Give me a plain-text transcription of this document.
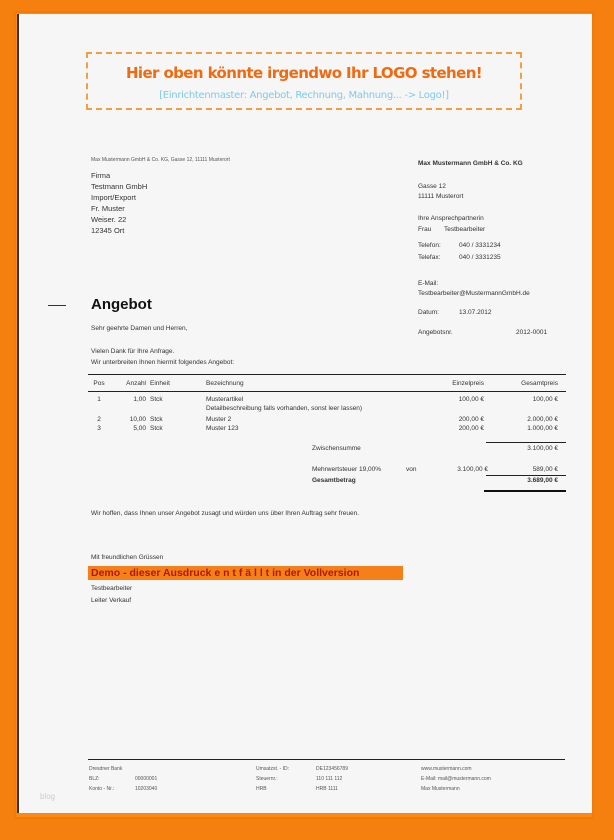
Hier oben könnte irgendwo Ihr LOGO stehen!
[Einrichtenmaster: Angebot, Rechnung, Mahnung... -> Logo!]
Max Mustermann GmbH & Co. KG, Gasse 12, 11111 Musterort
Firma
Testmann GmbH
Import/Export
Fr. Muster
Weiser. 22
12345 Ort
Max Mustermann GmbH & Co. KG
Gasse 12
11111 Musterort
Ihre Ansprechpartnerin
Frau Testbearbeiter
Telefon:	040 / 3331234
Telefax:	040 / 3331235
E-Mail:
Testbearbeiter@MustermannGmbH.de
Datum:	13.07.2012
Angebotsnr.	2012-0001
Angebot
Sehr geehrte Damen und Herren,
Vielen Dank für Ihre Anfrage.
Wir unterbreiten Ihnen hiermit folgendes Angebot:
Pos	Anzahl Einheit	Bezeichnung	Einzelpreis	Gesamtpreis
1	1,00 Stck	Musterartikel	100,00 €	100,00 €
Detailbeschreibung falls vorhanden, sonst leer lassen)
2	10,00 Stck	Muster 2	200,00 €	2.000,00 €
3	5,00 Stck	Muster 123	200,00 €	1.000,00 €
Zwischensumme	3.100,00 €
Mehrwertsteuer 19,00%	von	3.100,00 €	589,00 €
Gesamtbetrag	3.689,00 €
Wir hoffen, dass Ihnen unser Angebot zusagt und würden uns über Ihren Auftrag sehr freuen.
Mit freundlichen Grüssen
Demo - dieser Ausdruck e n t f ä l l t in der Vollversion
Testbearbeiter
Leiter Verkauf
Dresdner Bank
BLZ:	00000001
Konto - Nr.:	10203040
Umsatzst. - ID:	DE123456789
Steuernr.:	110 111 112
HRB	HRB 1111
www.mustermann.com
E-Mail: mail@mustermann.com
Max Mustermann
blog
